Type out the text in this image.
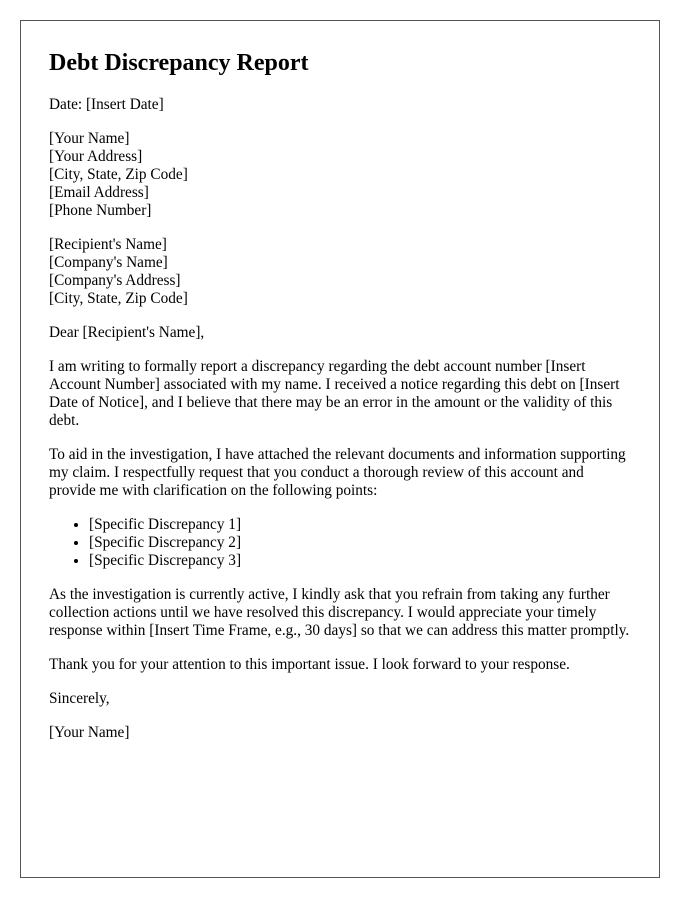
Debt Discrepancy Report

Date: [Insert Date]

[Your Name]
[Your Address]
[City, State, Zip Code]
[Email Address]
[Phone Number]
[Recipient's Name]
[Company's Name]
[Company's Address]
[City, State, Zip Code]

Dear [Recipient's Name],

I am writing to formally report a discrepancy regarding the debt account number [Insert Account Number] associated with my name. I received a notice regarding this debt on [Insert Date of Notice], and I believe that there may be an error in the amount or the validity of this debt.

To aid in the investigation, I have attached the relevant documents and information supporting my claim. I respectfully request that you conduct a thorough review of this account and provide me with clarification on the following points:

• [Specific Discrepancy 1]
• [Specific Discrepancy 2]
• [Specific Discrepancy 3]

As the investigation is currently active, I kindly ask that you refrain from taking any further collection actions until we have resolved this discrepancy. I would appreciate your timely response within [Insert Time Frame, e.g., 30 days] so that we can address this matter promptly.

Thank you for your attention to this important issue. I look forward to your response.

Sincerely,

[Your Name]
